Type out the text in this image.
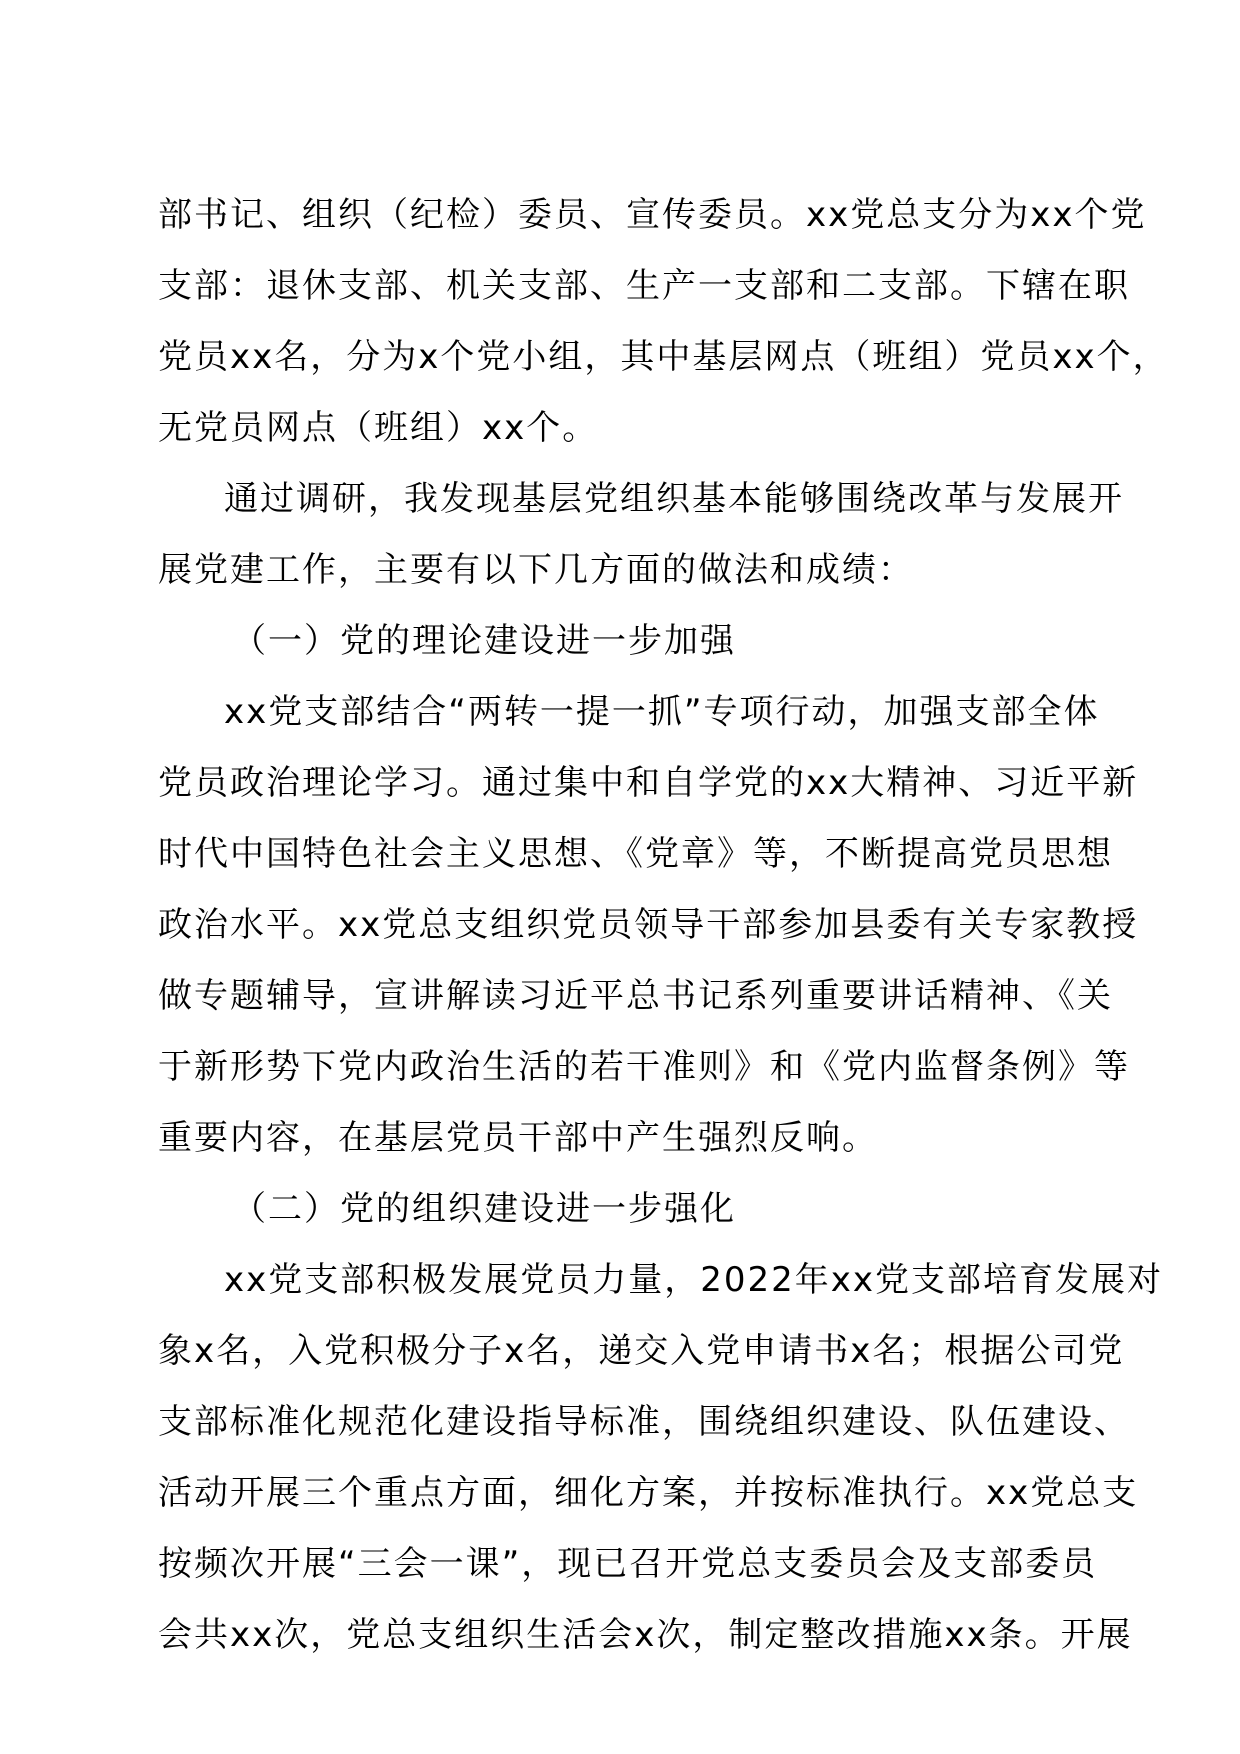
部书记、组织（纪检）委员、宣传委员。xx党总支分为xx个党
支部：退休支部、机关支部、生产一支部和二支部。下辖在职
党员xx名，分为x个党小组，其中基层网点（班组）党员xx个，
无党员网点（班组）xx个。
通过调研，我发现基层党组织基本能够围绕改革与发展开
展党建工作，主要有以下几方面的做法和成绩：
（一）党的理论建设进一步加强
xx党支部结合“两转一提一抓”专项行动，加强支部全体
党员政治理论学习。通过集中和自学党的xx大精神、习近平新
时代中国特色社会主义思想、《党章》等，不断提高党员思想
政治水平。xx党总支组织党员领导干部参加县委有关专家教授
做专题辅导，宣讲解读习近平总书记系列重要讲话精神、《关
于新形势下党内政治生活的若干准则》和《党内监督条例》等
重要内容，在基层党员干部中产生强烈反响。
（二）党的组织建设进一步强化
xx党支部积极发展党员力量，2022年xx党支部培育发展对
象x名，入党积极分子x名，递交入党申请书x名；根据公司党
支部标准化规范化建设指导标准，围绕组织建设、队伍建设、
活动开展三个重点方面，细化方案，并按标准执行。xx党总支
按频次开展“三会一课”，现已召开党总支委员会及支部委员
会共xx次，党总支组织生活会x次，制定整改措施xx条。开展
